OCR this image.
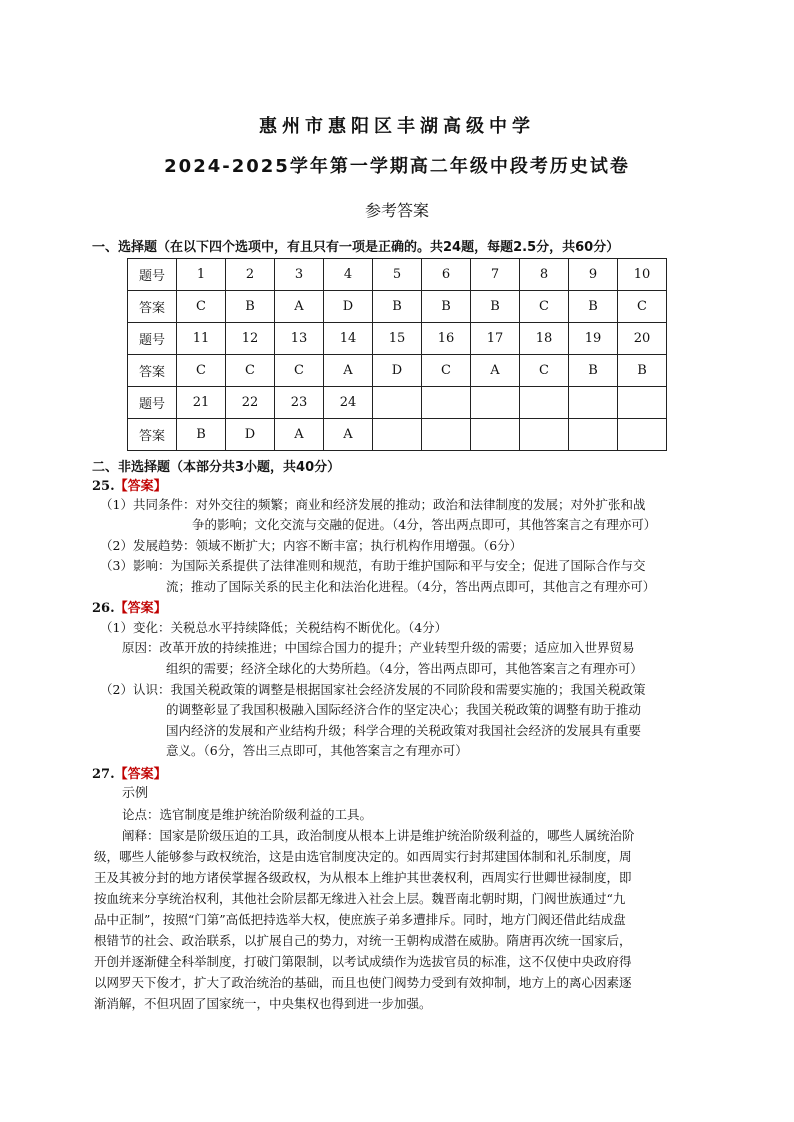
惠州市惠阳区丰湖高级中学
2024-2025学年第一学期高二年级中段考历史试卷
参考答案
一、选择题（在以下四个选项中，有且只有一项是正确的。共24题，每题2.5分，共60分）
题号	1	2	3	4	5	6	7	8	9	10
答案	C	B	A	D	B	B	B	C	B	C
题号	11	12	13	14	15	16	17	18	19	20
答案	C	C	C	A	D	C	A	C	B	B
题号	21	22	23	24						
答案	B	D	A	A						
二、非选择题（本部分共3小题，共40分）
25.【答案】
（1）共同条件：对外交往的频繁；商业和经济发展的推动；政治和法律制度的发展；对外扩张和战
争的影响；文化交流与交融的促进。（4分，答出两点即可，其他答案言之有理亦可）
（2）发展趋势：领域不断扩大；内容不断丰富；执行机构作用增强。（6分）
（3）影响：为国际关系提供了法律准则和规范，有助于维护国际和平与安全；促进了国际合作与交
流；推动了国际关系的民主化和法治化进程。（4分，答出两点即可，其他言之有理亦可）
26.【答案】
（1）变化：关税总水平持续降低；关税结构不断优化。（4分）
原因：改革开放的持续推进；中国综合国力的提升；产业转型升级的需要；适应加入世界贸易
组织的需要；经济全球化的大势所趋。（4分，答出两点即可，其他答案言之有理亦可）
（2）认识：我国关税政策的调整是根据国家社会经济发展的不同阶段和需要实施的；我国关税政策
的调整彰显了我国积极融入国际经济合作的坚定决心；我国关税政策的调整有助于推动
国内经济的发展和产业结构升级；科学合理的关税政策对我国社会经济的发展具有重要
意义。（6分，答出三点即可，其他答案言之有理亦可）
27.【答案】
示例
论点：选官制度是维护统治阶级利益的工具。
阐释：国家是阶级压迫的工具，政治制度从根本上讲是维护统治阶级利益的，哪些人属统治阶
级，哪些人能够参与政权统治，这是由选官制度决定的。如西周实行封邦建国体制和礼乐制度，周
王及其被分封的地方诸侯掌握各级政权，为从根本上维护其世袭权利，西周实行世卿世禄制度，即
按血统来分享统治权利，其他社会阶层都无缘进入社会上层。魏晋南北朝时期，门阀世族通过“九
品中正制”，按照“门第”高低把持选举大权，使庶族子弟多遭排斥。同时，地方门阀还借此结成盘
根错节的社会、政治联系，以扩展自己的势力，对统一王朝构成潜在威胁。隋唐再次统一国家后，
开创并逐渐健全科举制度，打破门第限制，以考试成绩作为选拔官员的标准，这不仅使中央政府得
以网罗天下俊才，扩大了政治统治的基础，而且也使门阀势力受到有效抑制，地方上的离心因素逐
渐消解，不但巩固了国家统一，中央集权也得到进一步加强。
